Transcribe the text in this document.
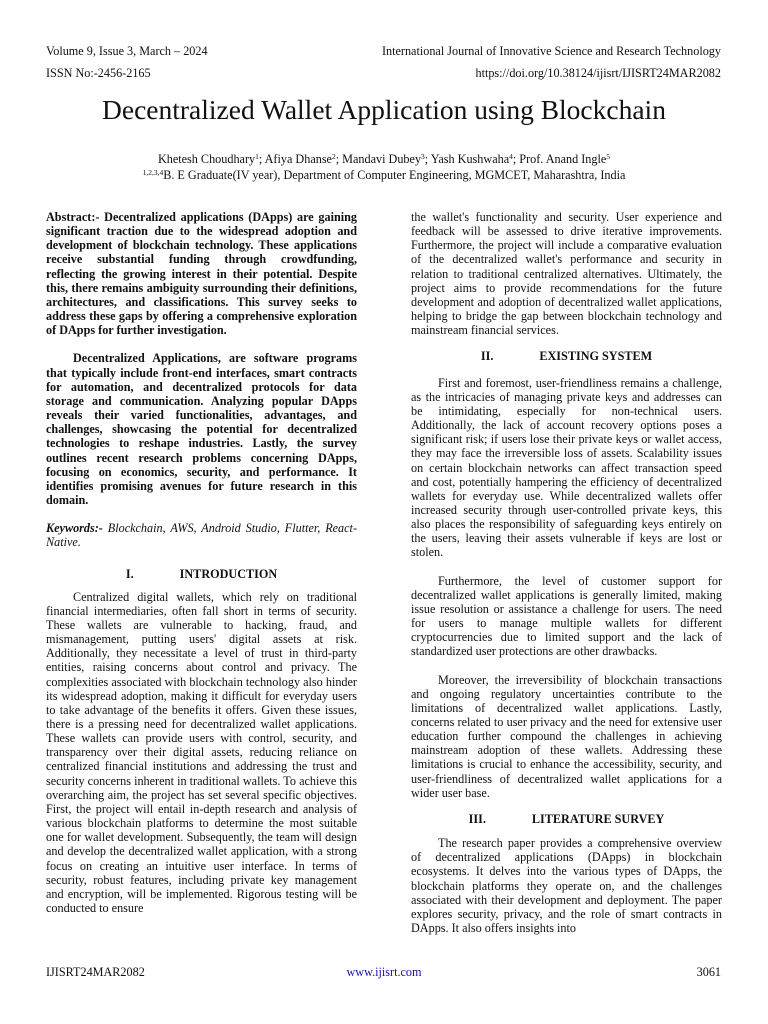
Volume 9, Issue 3, March – 2024	International Journal of Innovative Science and Research Technology
ISSN No:-2456-2165	https://doi.org/10.38124/ijisrt/IJISRT24MAR2082
Decentralized Wallet Application using Blockchain
Khetesh Choudhary$^1$; Afiya Dhanse$^2$; Mandavi Dubey$^3$; Yash Kushwaha$^4$; Prof. Anand Ingle$^5$
$^{1,2,3,4}$B. E Graduate(IV year), Department of Computer Engineering, MGMCET, Maharashtra, India

Abstract:- Decentralized applications (DApps) are gaining significant traction due to the widespread adoption and development of blockchain technology. These applications receive substantial funding through crowdfunding, reflecting the growing interest in their potential. Despite this, there remains ambiguity surrounding their definitions, architectures, and classifications. This survey seeks to address these gaps by offering a comprehensive exploration of DApps for further investigation.

Decentralized Applications, are software programs that typically include front-end interfaces, smart contracts for automation, and decentralized protocols for data storage and communication. Analyzing popular DApps reveals their varied functionalities, advantages, and challenges, showcasing the potential for decentralized technologies to reshape industries. Lastly, the survey outlines recent research problems concerning DApps, focusing on economics, security, and performance. It identifies promising avenues for future research in this domain.

Keywords:- Blockchain, AWS, Android Studio, Flutter, React-Native.

I.	INTRODUCTION

Centralized digital wallets, which rely on traditional financial intermediaries, often fall short in terms of security. These wallets are vulnerable to hacking, fraud, and mismanagement, putting users' digital assets at risk. Additionally, they necessitate a level of trust in third-party entities, raising concerns about control and privacy. The complexities associated with blockchain technology also hinder its widespread adoption, making it difficult for everyday users to take advantage of the benefits it offers. Given these issues, there is a pressing need for decentralized wallet applications. These wallets can provide users with control, security, and transparency over their digital assets, reducing reliance on centralized financial institutions and addressing the trust and security concerns inherent in traditional wallets. To achieve this overarching aim, the project has set several specific objectives. First, the project will entail in-depth research and analysis of various blockchain platforms to determine the most suitable one for wallet development. Subsequently, the team will design and develop the decentralized wallet application, with a strong focus on creating an intuitive user interface. In terms of security, robust features, including private key management and encryption, will be implemented. Rigorous testing will be conducted to ensure

the wallet's functionality and security. User experience and feedback will be assessed to drive iterative improvements. Furthermore, the project will include a comparative evaluation of the decentralized wallet's performance and security in relation to traditional centralized alternatives. Ultimately, the project aims to provide recommendations for the future development and adoption of decentralized wallet applications, helping to bridge the gap between blockchain technology and mainstream financial services.

II.	EXISTING SYSTEM

First and foremost, user-friendliness remains a challenge, as the intricacies of managing private keys and addresses can be intimidating, especially for non-technical users. Additionally, the lack of account recovery options poses a significant risk; if users lose their private keys or wallet access, they may face the irreversible loss of assets. Scalability issues on certain blockchain networks can affect transaction speed and cost, potentially hampering the efficiency of decentralized wallets for everyday use. While decentralized wallets offer increased security through user-controlled private keys, this also places the responsibility of safeguarding keys entirely on the users, leaving their assets vulnerable if keys are lost or stolen.

Furthermore, the level of customer support for decentralized wallet applications is generally limited, making issue resolution or assistance a challenge for users. The need for users to manage multiple wallets for different cryptocurrencies due to limited support and the lack of standardized user protections are other drawbacks.

Moreover, the irreversibility of blockchain transactions and ongoing regulatory uncertainties contribute to the limitations of decentralized wallet applications. Lastly, concerns related to user privacy and the need for extensive user education further compound the challenges in achieving mainstream adoption of these wallets. Addressing these limitations is crucial to enhance the accessibility, security, and user-friendliness of decentralized wallet applications for a wider user base.

III.	LITERATURE SURVEY

The research paper provides a comprehensive overview of decentralized applications (DApps) in blockchain ecosystems. It delves into the various types of DApps, the blockchain platforms they operate on, and the challenges associated with their development and deployment. The paper explores security, privacy, and the role of smart contracts in DApps. It also offers insights into

IJISRT24MAR2082	www.ijisrt.com	3061
